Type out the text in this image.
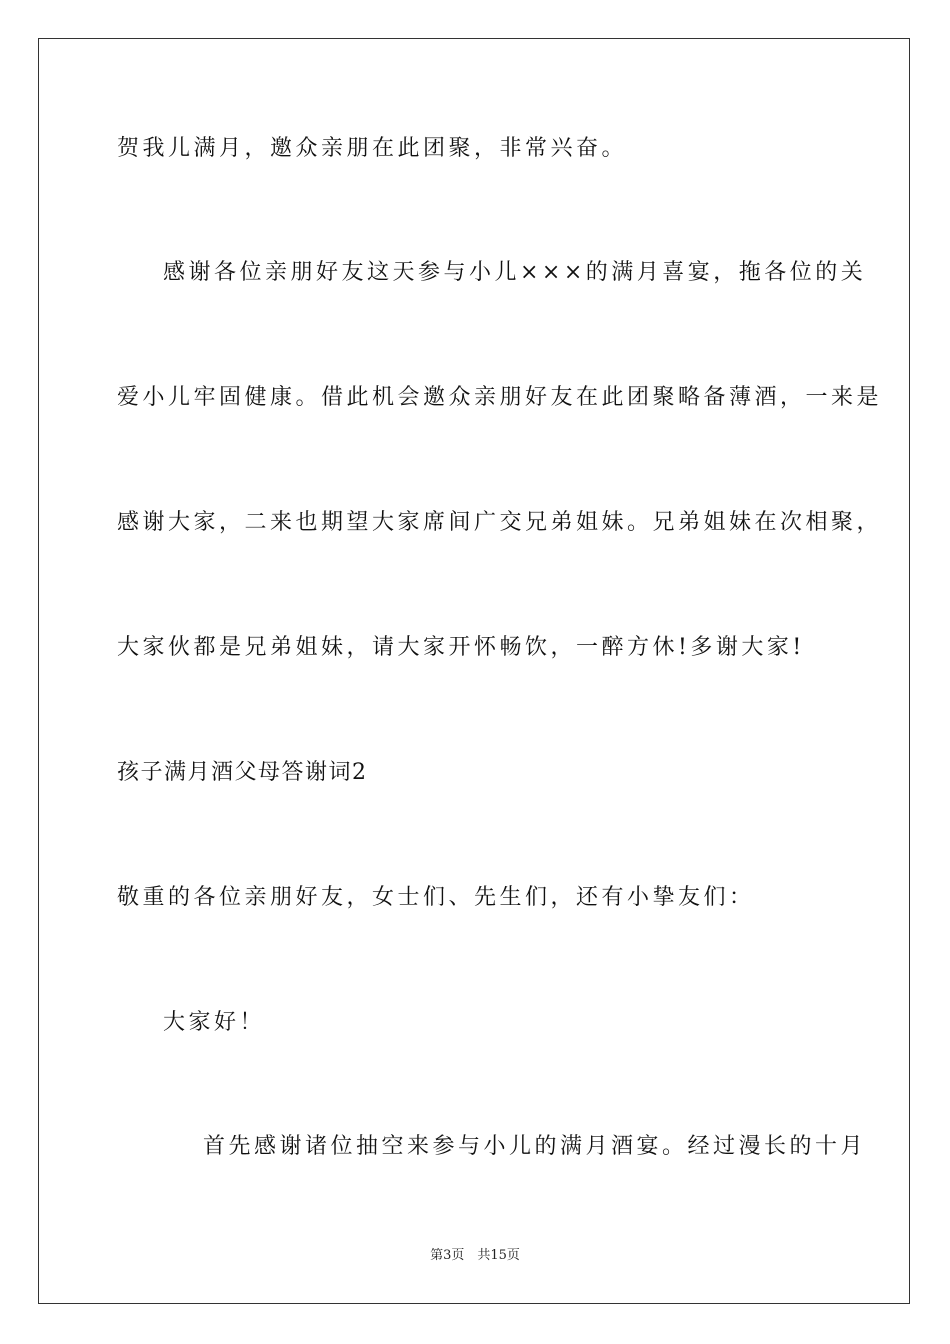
贺我儿满月，邀众亲朋在此团聚，非常兴奋。
感谢各位亲朋好友这天参与小儿×××的满月喜宴，拖各位的关
爱小儿牢固健康。借此机会邀众亲朋好友在此团聚略备薄酒，一来是
感谢大家，二来也期望大家席间广交兄弟姐妹。兄弟姐妹在次相聚，
大家伙都是兄弟姐妹，请大家开怀畅饮，一醉方休!多谢大家!
孩子满月酒父母答谢词2
敬重的各位亲朋好友，女士们、先生们，还有小挚友们：
大家好！
首先感谢诸位抽空来参与小儿的满月酒宴。经过漫长的十月
第3页　共15页
